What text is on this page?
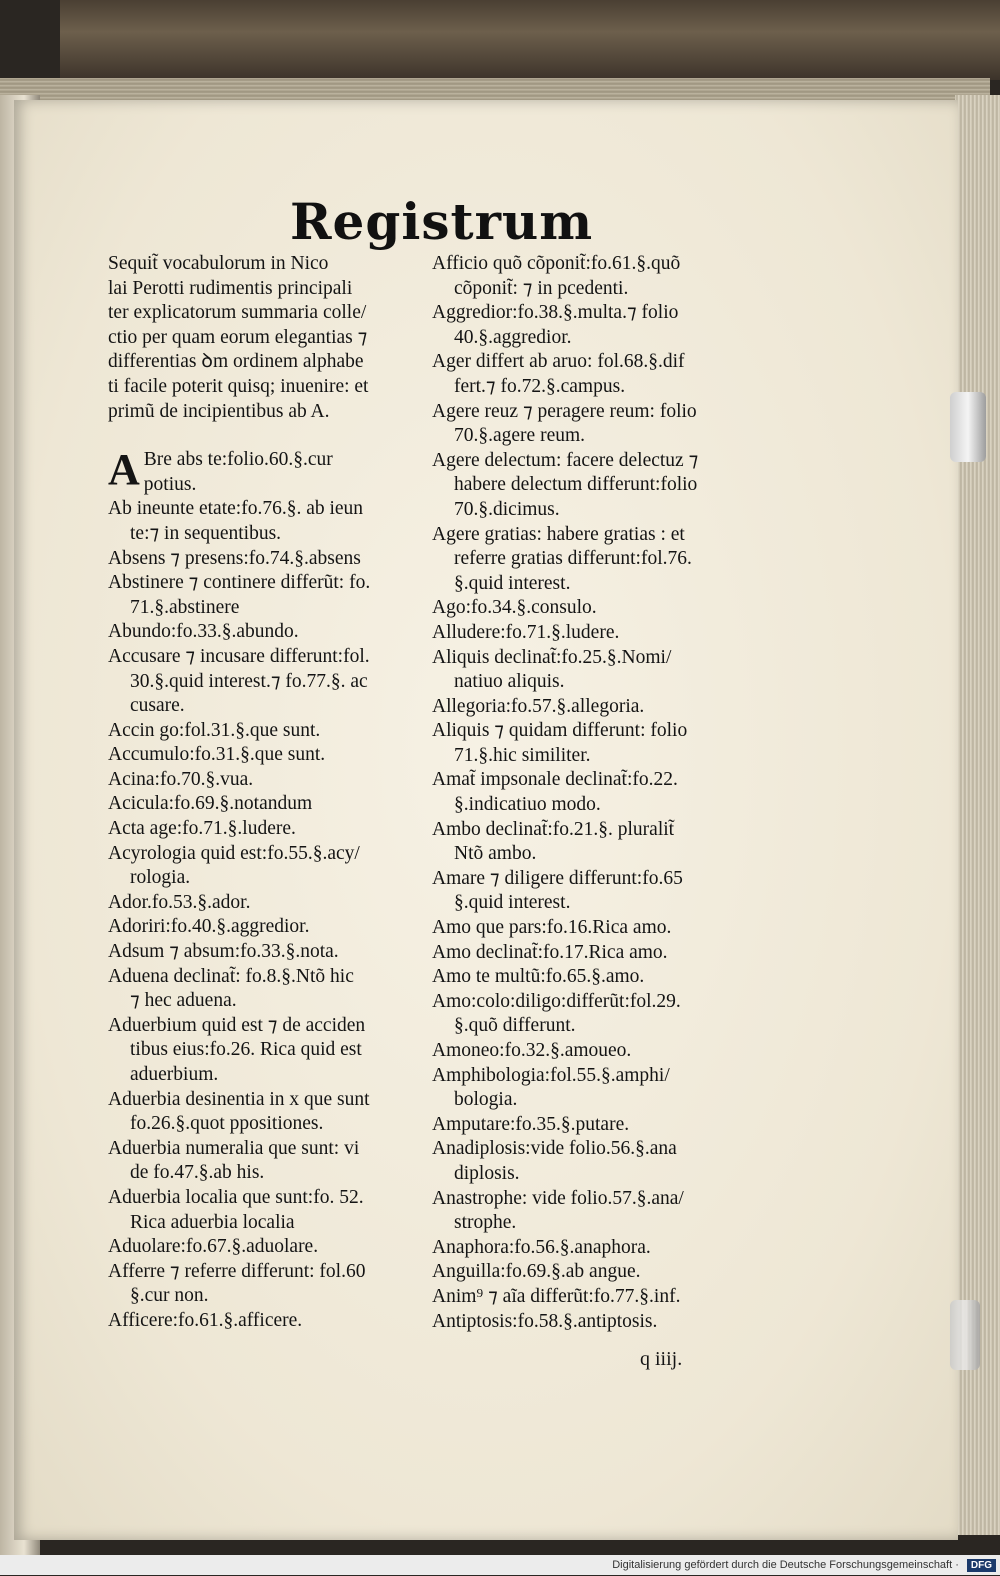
Registrum
Sequit̃ vocabulorum in Nico
lai Perotti rudimentis principali
ter explicatorum summaria colle/
ctio per quam eorum elegantias ⁊
differentias ꝺm ordinem alphabe
ti facile poterit quisq; inuenire: et
primũ de incipientibus ab A.
A Bre abs te:folio.60.§.cur
potius.
Ab ineunte etate:fo.76.§. ab ieun
te:⁊ in sequentibus.
Absens ⁊ presens:fo.74.§.absens
Abstinere ⁊ continere differũt: fo.
71.§.abstinere
Abundo:fo.33.§.abundo.
Accusare ⁊ incusare differunt:fol.
30.§.quid interest.⁊ fo.77.§. ac
cusare.
Accin go:fol.31.§.que sunt.
Accumulo:fo.31.§.que sunt.
Acina:fo.70.§.vua.
Acicula:fo.69.§.notandum
Acta age:fo.71.§.ludere.
Acyrologia quid est:fo.55.§.acy/
rologia.
Ador.fo.53.§.ador.
Adoriri:fo.40.§.aggredior.
Adsum ⁊ absum:fo.33.§.nota.
Aduena declinat̃: fo.8.§.Ntõ hic
⁊ hec aduena.
Aduerbium quid est ⁊ de acciden
tibus eius:fo.26. Rica quid est
aduerbium.
Aduerbia desinentia in x que sunt
fo.26.§.quot ppositiones.
Aduerbia numeralia que sunt: vi
de fo.47.§.ab his.
Aduerbia localia que sunt:fo. 52.
Rica aduerbia localia
Aduolare:fo.67.§.aduolare.
Afferre ⁊ referre differunt: fol.60
§.cur non.
Afficere:fo.61.§.afficere.
Afficio quõ cõponit̃:fo.61.§.quõ
cõponit̃: ⁊ in pcedenti.
Aggredior:fo.38.§.multa.⁊ folio
40.§.aggredior.
Ager differt ab aruo: fol.68.§.dif
fert.⁊ fo.72.§.campus.
Agere reuz ⁊ peragere reum: folio
70.§.agere reum.
Agere delectum: facere delectuz ⁊
habere delectum differunt:folio
70.§.dicimus.
Agere gratias: habere gratias : et
referre gratias differunt:fol.76.
§.quid interest.
Ago:fo.34.§.consulo.
Alludere:fo.71.§.ludere.
Aliquis declinat̃:fo.25.§.Nomi/
natiuo aliquis.
Allegoria:fo.57.§.allegoria.
Aliquis ⁊ quidam differunt: folio
71.§.hic similiter.
Amat̃ impsonale declinat̃:fo.22.
§.indicatiuo modo.
Ambo declinat̃:fo.21.§. pluralit̃
Ntõ ambo.
Amare ⁊ diligere differunt:fo.65
§.quid interest.
Amo que pars:fo.16.Rica amo.
Amo declinat̃:fo.17.Rica amo.
Amo te multũ:fo.65.§.amo.
Amo:colo:diligo:differũt:fol.29.
§.quõ differunt.
Amoneo:fo.32.§.amoueo.
Amphibologia:fol.55.§.amphi/
bologia.
Amputare:fo.35.§.putare.
Anadiplosis:vide folio.56.§.ana
diplosis.
Anastrophe: vide folio.57.§.ana/
strophe.
Anaphora:fo.56.§.anaphora.
Anguilla:fo.69.§.ab angue.
Anim⁹ ⁊ aĩa differũt:fo.77.§.inf.
Antiptosis:fo.58.§.antiptosis.
q iiij.
Digitalisierung gefördert durch die Deutsche Forschungsgemeinschaft · DFG
